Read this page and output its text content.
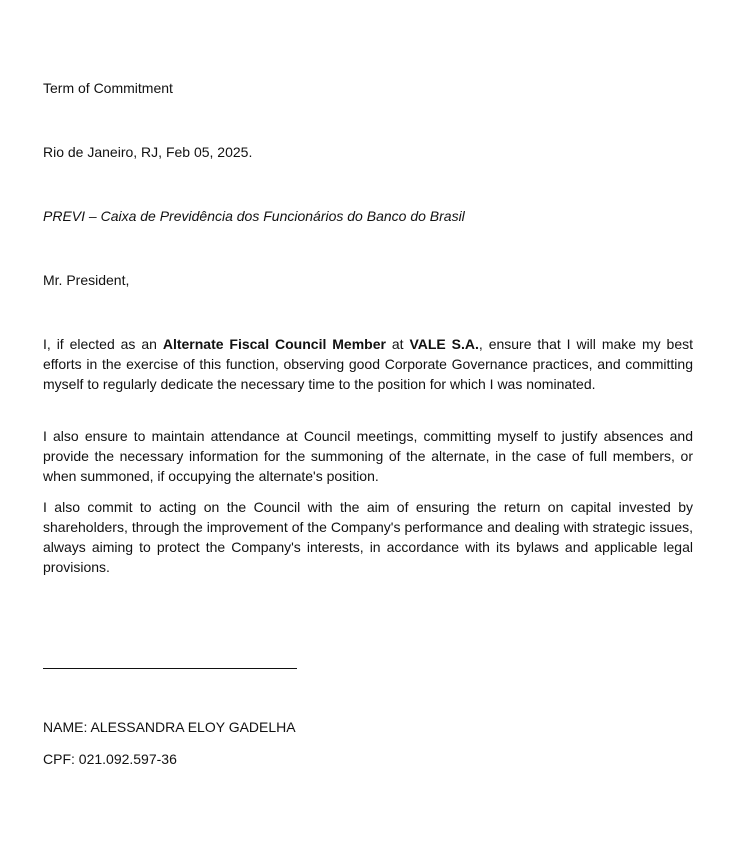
Term of Commitment
Rio de Janeiro, RJ, Feb 05, 2025.
PREVI – Caixa de Previdência dos Funcionários do Banco do Brasil
Mr. President,
I, if elected as an Alternate Fiscal Council Member at VALE S.A., ensure that I will make my best efforts in the exercise of this function, observing good Corporate Governance practices, and committing myself to regularly dedicate the necessary time to the position for which I was nominated.
I also ensure to maintain attendance at Council meetings, committing myself to justify absences and provide the necessary information for the summoning of the alternate, in the case of full members, or when summoned, if occupying the alternate's position.
I also commit to acting on the Council with the aim of ensuring the return on capital invested by shareholders, through the improvement of the Company's performance and dealing with strategic issues, always aiming to protect the Company's interests, in accordance with its bylaws and applicable legal provisions.
NAME: ALESSANDRA ELOY GADELHA
CPF: 021.092.597-36
